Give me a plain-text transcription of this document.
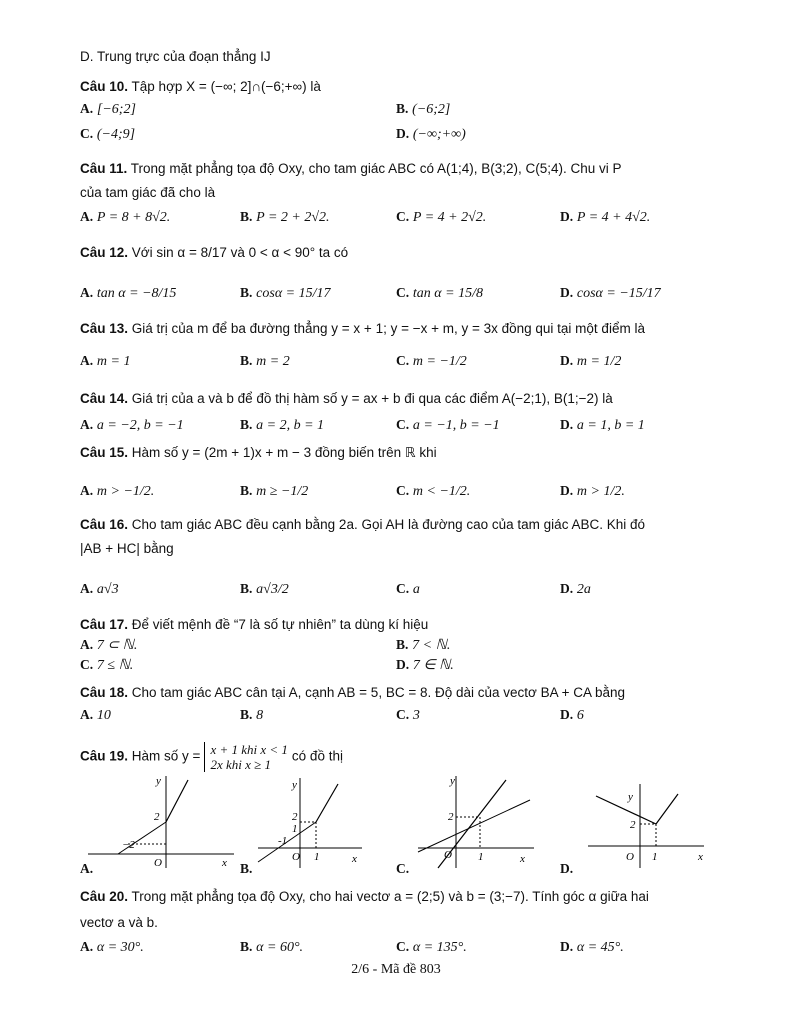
D. Trung trực của đoạn thẳng IJ
Câu 10. Tập hợp X = (−∞; 2]∩(−6;+∞) là
A. [−6;2]	B. (−6;2]
C. (−4;9]	D. (−∞;+∞)
Câu 11. Trong mặt phẳng tọa độ Oxy, cho tam giác ABC có A(1;4), B(3;2), C(5;4). Chu vi P
của tam giác đã cho là
A. P = 8 + 8√2.	B. P = 2 + 2√2.	C. P = 4 + 2√2.	D. P = 4 + 4√2.
Câu 12. Với sin α = 8/17 và 0 < α < 90° ta có
A. tan α = −8/15	B. cosα = 15/17	C. tan α = 15/8	D. cosα = −15/17
Câu 13. Giá trị của m để ba đường thẳng y = x + 1; y = −x + m, y = 3x đồng qui tại một điểm là
A. m = 1	B. m = 2	C. m = −1/2	D. m = 1/2
Câu 14. Giá trị của a và b để đồ thị hàm số y = ax + b đi qua các điểm A(−2;1), B(1;−2) là
A. a = −2, b = −1	B. a = 2, b = 1	C. a = −1, b = −1	D. a = 1, b = 1
Câu 15. Hàm số y = (2m + 1)x + m − 3 đồng biến trên ℝ khi
A. m > −1/2.	B. m ≥ −1/2	C. m < −1/2.	D. m > 1/2.
Câu 16. Cho tam giác ABC đều cạnh bằng 2a. Gọi AH là đường cao của tam giác ABC. Khi đó
|AB + HC| bằng
A. a√3	B. a√3/2	C. a	D. 2a
Câu 17. Để viết mệnh đề “7 là số tự nhiên” ta dùng kí hiệu
A. 7 ⊂ ℕ.	B. 7 < ℕ.
C. 7 ≤ ℕ.	D. 7 ∈ ℕ.
Câu 18. Cho tam giác ABC cân tại A, cạnh AB = 5, BC = 8. Độ dài của vectơ BA + CA bằng
A. 10	B. 8	C. 3	D. 6
Câu 19. Hàm số y = x + 1 khi x < 1
2x khi x ≥ 1
có đồ thị
A.	B.	C.	D.
Câu 20. Trong mặt phẳng tọa độ Oxy, cho hai vectơ a = (2;5) và b = (3;−7). Tính góc α giữa hai
vectơ a và b.
A. α = 30°.	B. α = 60°.	C. α = 135°.	D. α = 45°.
y
x
O
2
−2
y
x
O
2
1
-1
1
y
x
O
2
1
y
x
O
2
1
2/6 - Mã đề 803
